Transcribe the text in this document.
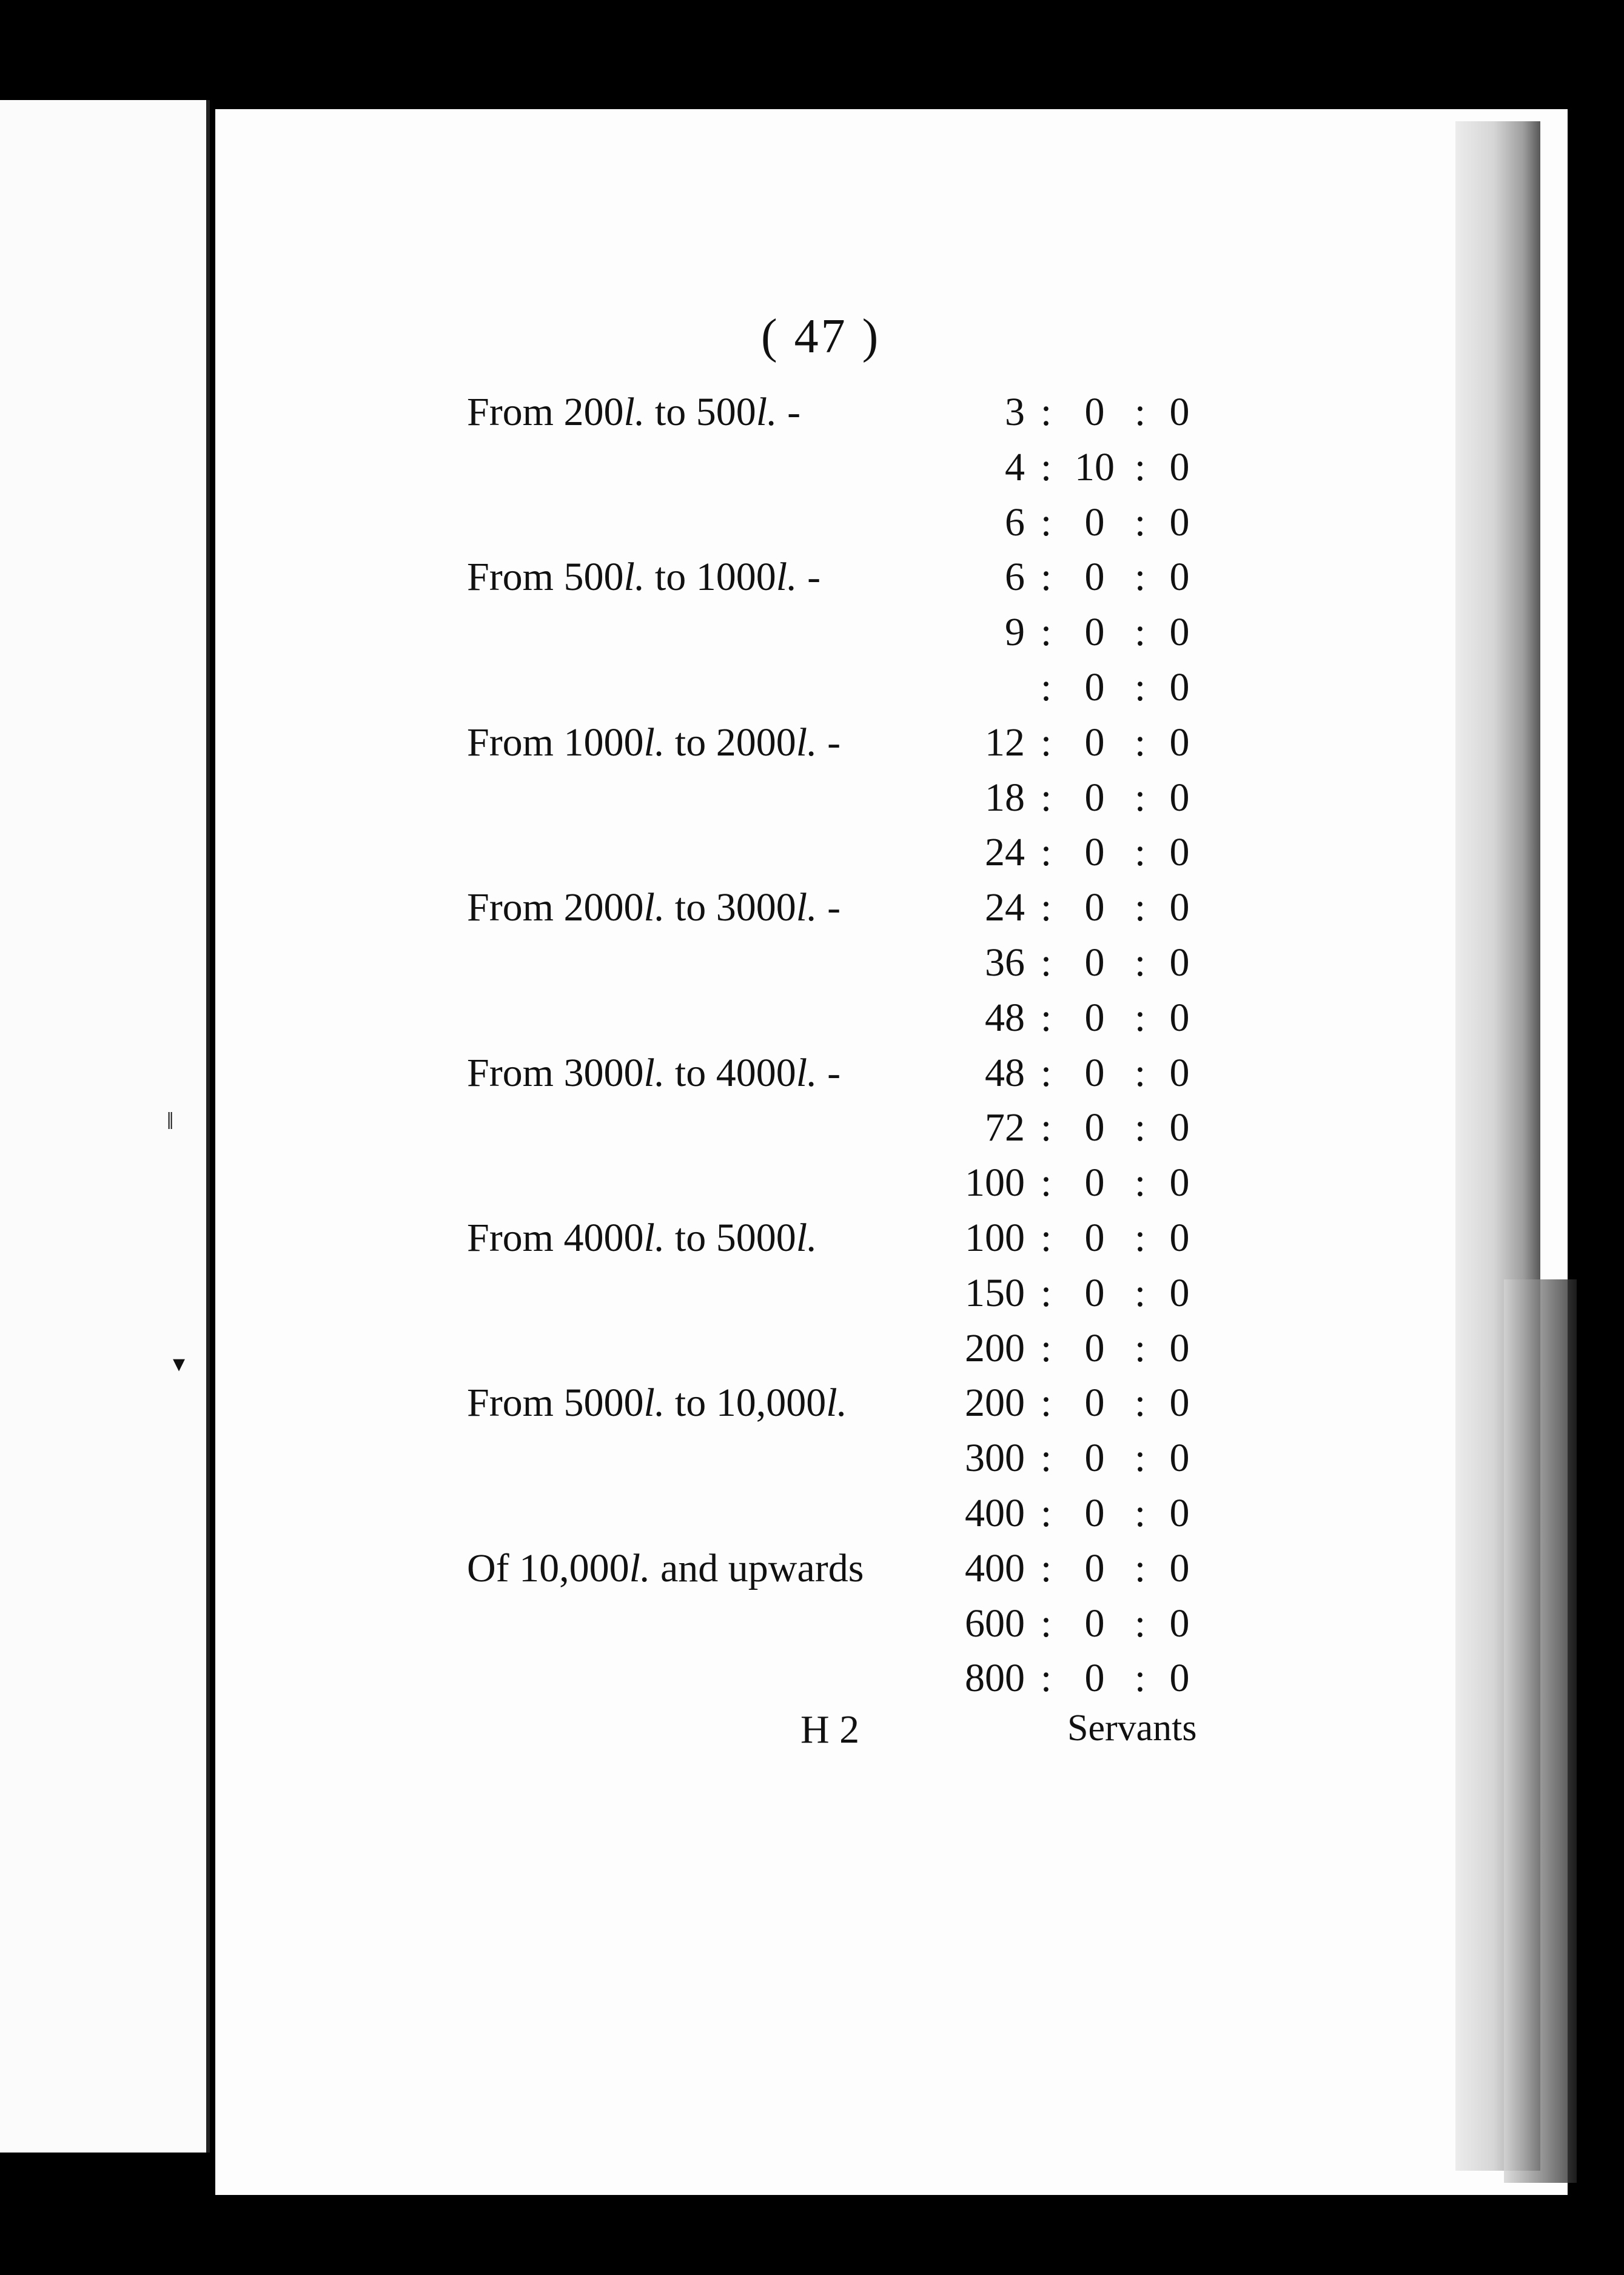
‖
▾
( 47 )
From 200l. to 500l. -	3 : 0 : 0
4 : 10 : 0
6 : 0 : 0
From 500l. to 1000l. -	6 : 0 : 0
9 : 0 : 0
: 0 : 0
From 1000l. to 2000l. -	12 : 0 : 0
18 : 0 : 0
24 : 0 : 0
From 2000l. to 3000l. -	24 : 0 : 0
36 : 0 : 0
48 : 0 : 0
From 3000l. to 4000l. -	48 : 0 : 0
72 : 0 : 0
100 : 0 : 0
From 4000l. to 5000l.	100 : 0 : 0
150 : 0 : 0
200 : 0 : 0
From 5000l. to 10,000l.	200 : 0 : 0
300 : 0 : 0
400 : 0 : 0
Of 10,000l. and upwards	400 : 0 : 0
600 : 0 : 0
800 : 0 : 0
H 2	Servants
